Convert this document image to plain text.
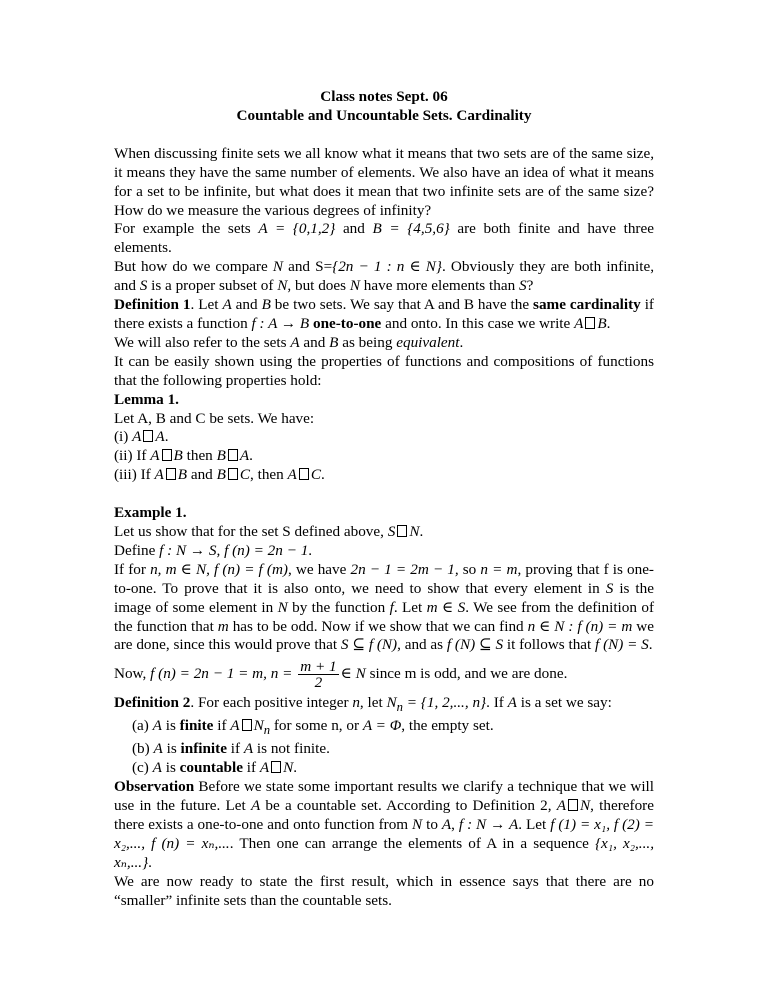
Class notes Sept. 06

Countable and Uncountable Sets. Cardinality

When discussing finite sets we all know what it means that two sets are of the same size, it means they have the same number of elements. We also have an idea of what it means for a set to be infinite, but what does it mean that two infinite sets are of the same size? How do we measure the various degrees of infinity?

For example the sets A = {0,1,2} and B = {4,5,6} are both finite and have three elements.

But how do we compare N and S={2n − 1 : n ∈ N}. Obviously they are both infinite, and S is a proper subset of N, but does N have more elements than S?

Definition 1. Let A and B be two sets. We say that A and B have the same cardinality if there exists a function f : A → B one-to-one and onto. In this case we write A B.

We will also refer to the sets A and B as being equivalent.

It can be easily shown using the properties of functions and compositions of functions that the following properties hold:

Lemma 1.

Let A, B and C be sets. We have:

(i) A A.

(ii) If A B then B A.

(iii) If A B and B C, then A C.

Example 1.

Let us show that for the set S defined above, S N.

Define f : N → S, f (n) = 2n − 1.

If for n, m ∈ N, f (n) = f (m), we have 2n − 1 = 2m − 1, so n = m, proving that f is one-to-one. To prove that it is also onto, we need to show that every element in S is the image of some element in N by the function f. Let m ∈ S. We see from the definition of the function that m has to be odd. Now if we show that we can find n ∈ N : f (n) = m we are done, since this would prove that S ⊆ f (N), and as f (N) ⊆ S it follows that f (N) = S.

Now, f (n) = 2n − 1 = m, $n = \frac{m + 1}{2}$ ∈ N since m is odd, and we are done.

Definition 2. For each positive integer n, let $N_n = \{1$, 2,..., n}. If A is a set we say:

(a) A is finite if A $N_n$ for some n, or A = Φ, the empty set.

(b) A is infinite if A is not finite.

(c) A is countable if A N.

Observation Before we state some important results we clarify a technique that we will use in the future. Let A be a countable set. According to Definition 2, A N, therefore there exists a one-to-one and onto function from N to A, f : N → A. Let f (1) = x₁, f (2) = x₂,..., f (n) = xₙ,.... Then one can arrange the elements of A in a sequence {x₁, x₂,..., xₙ,...}.

We are now ready to state the first result, which in essence says that there are no “smaller” infinite sets than the countable sets.
